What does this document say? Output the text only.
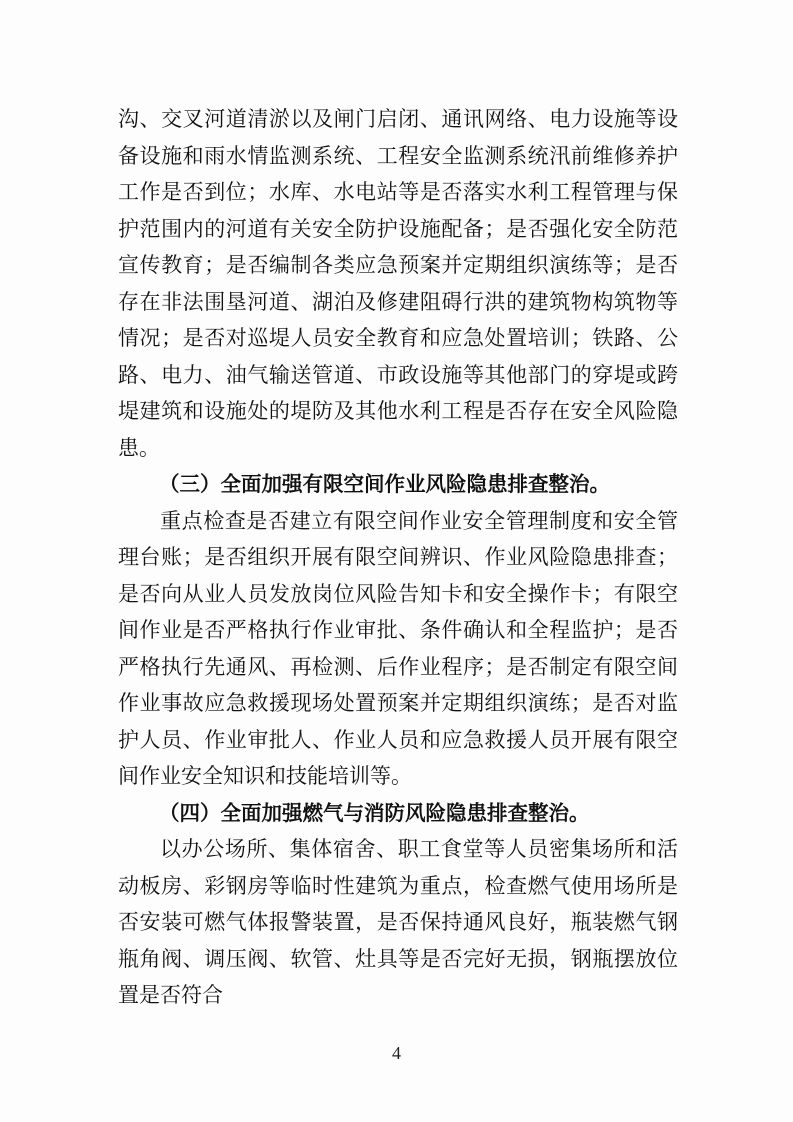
沟、交叉河道清淤以及闸门启闭、通讯网络、电力设施等设备设施和雨水情监测系统、工程安全监测系统汛前维修养护工作是否到位；水库、水电站等是否落实水利工程管理与保护范围内的河道有关安全防护设施配备；是否强化安全防范宣传教育；是否编制各类应急预案并定期组织演练等；是否存在非法围垦河道、湖泊及修建阻碍行洪的建筑物构筑物等情况；是否对巡堤人员安全教育和应急处置培训；铁路、公路、电力、油气输送管道、市政设施等其他部门的穿堤或跨堤建筑和设施处的堤防及其他水利工程是否存在安全风险隐患。

（三）全面加强有限空间作业风险隐患排查整治。

重点检查是否建立有限空间作业安全管理制度和安全管理台账；是否组织开展有限空间辨识、作业风险隐患排查；是否向从业人员发放岗位风险告知卡和安全操作卡；有限空间作业是否严格执行作业审批、条件确认和全程监护；是否严格执行先通风、再检测、后作业程序；是否制定有限空间作业事故应急救援现场处置预案并定期组织演练；是否对监护人员、作业审批人、作业人员和应急救援人员开展有限空间作业安全知识和技能培训等。

（四）全面加强燃气与消防风险隐患排查整治。

以办公场所、集体宿舍、职工食堂等人员密集场所和活动板房、彩钢房等临时性建筑为重点，检查燃气使用场所是否安装可燃气体报警装置，是否保持通风良好，瓶装燃气钢瓶角阀、调压阀、软管、灶具等是否完好无损，钢瓶摆放位置是否符合

4
